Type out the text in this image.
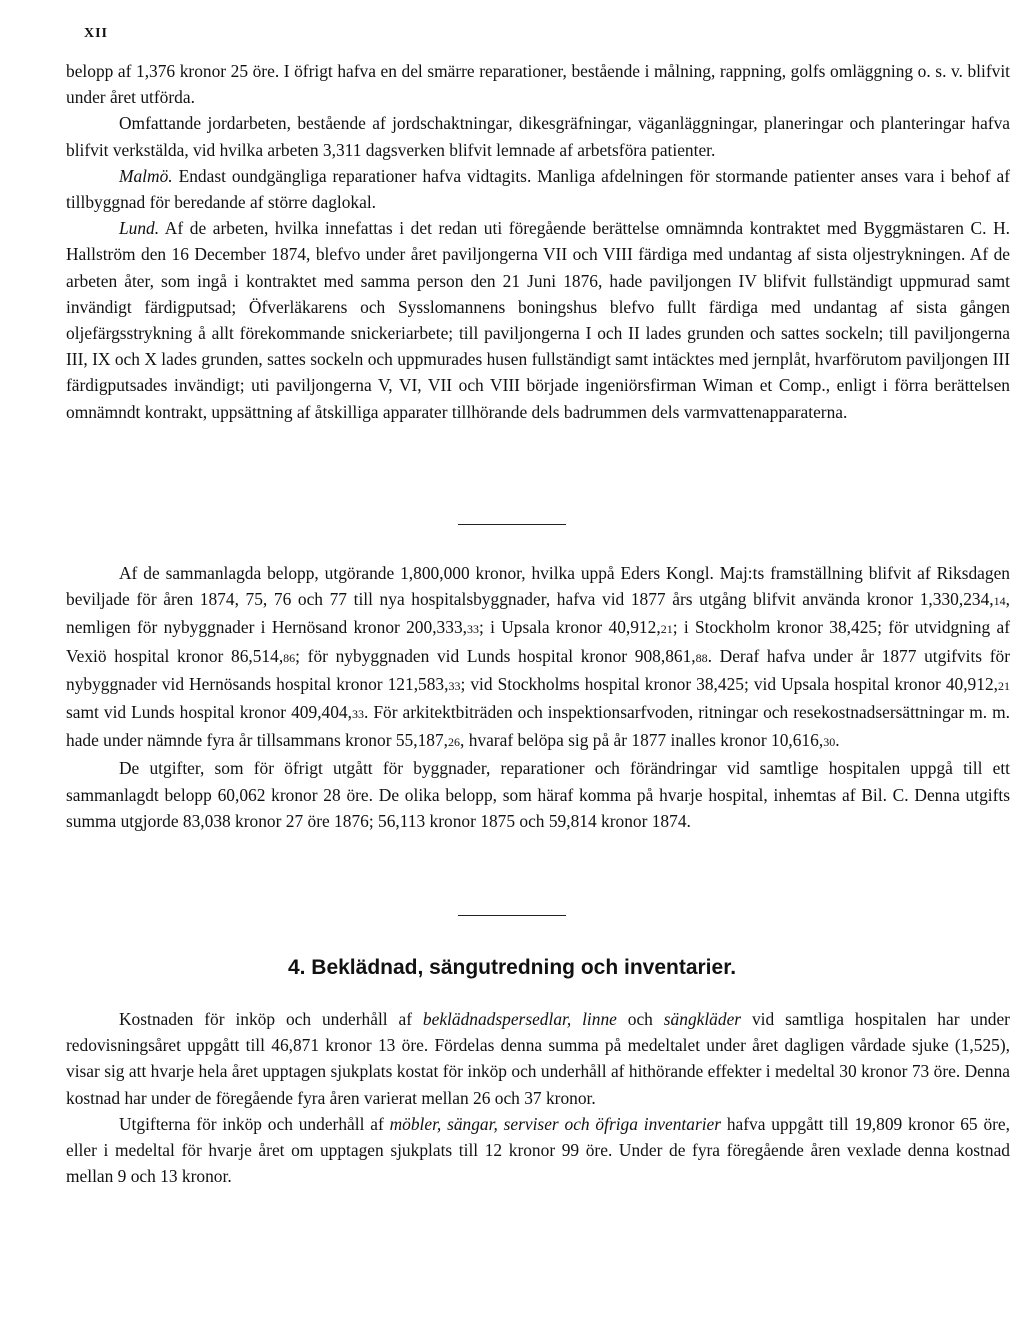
XII

belopp af 1,376 kronor 25 öre. I öfrigt hafva en del smärre reparationer, bestående i målning, rappning, golfs omläggning o. s. v. blifvit under året utförda.

Omfattande jordarbeten, bestående af jordschaktningar, dikesgräfningar, väganläggningar, planeringar och planteringar hafva blifvit verkstälda, vid hvilka arbeten 3,311 dagsverken blifvit lemnade af arbetsföra patienter.

Malmö. Endast oundgängliga reparationer hafva vidtagits. Manliga afdelningen för stormande patienter anses vara i behof af tillbyggnad för beredande af större daglokal.

Lund. Af de arbeten, hvilka innefattas i det redan uti föregående berättelse omnämnda kontraktet med Byggmästaren C. H. Hallström den 16 December 1874, blefvo under året paviljongerna VII och VIII färdiga med undantag af sista oljestrykningen. Af de arbeten åter, som ingå i kontraktet med samma person den 21 Juni 1876, hade paviljongen IV blifvit fullständigt uppmurad samt invändigt färdigputsad; Öfverläkarens och Sysslomannens boningshus blefvo fullt färdiga med undantag af sista gången oljefärgsstrykning å allt förekommande snickeriarbete; till paviljongerna I och II lades grunden och sattes sockeln; till paviljongerna III, IX och X lades grunden, sattes sockeln och uppmurades husen fullständigt samt intäcktes med jernplåt, hvarförutom paviljongen III färdigputsades invändigt; uti paviljongerna V, VI, VII och VIII började ingeniörsfirman Wiman et Comp., enligt i förra berättelsen omnämndt kontrakt, uppsättning af åtskilliga apparater tillhörande dels badrummen dels varmvattenapparaterna.

Af de sammanlagda belopp, utgörande 1,800,000 kronor, hvilka uppå Eders Kongl. Maj:ts framställning blifvit af Riksdagen beviljade för åren 1874, 75, 76 och 77 till nya hospitalsbyggnader, hafva vid 1877 års utgång blifvit använda kronor 1,330,234,14, nemligen för nybyggnader i Hernösand kronor 200,333,33; i Upsala kronor 40,912,21; i Stockholm kronor 38,425; för utvidgning af Vexiö hospital kronor 86,514,86; för nybyggnaden vid Lunds hospital kronor 908,861,88. Deraf hafva under år 1877 utgifvits för nybyggnader vid Hernösands hospital kronor 121,583,33; vid Stockholms hospital kronor 38,425; vid Upsala hospital kronor 40,912,21 samt vid Lunds hospital kronor 409,404,33. För arkitektbiträden och inspektionsarfvoden, ritningar och resekostnadsersättningar m. m. hade under nämnde fyra år tillsammans kronor 55,187,26, hvaraf belöpa sig på år 1877 inalles kronor 10,616,30.

De utgifter, som för öfrigt utgått för byggnader, reparationer och förändringar vid samtlige hospitalen uppgå till ett sammanlagdt belopp 60,062 kronor 28 öre. De olika belopp, som häraf komma på hvarje hospital, inhemtas af Bil. C. Denna utgifts summa utgjorde 83,038 kronor 27 öre 1876; 56,113 kronor 1875 och 59,814 kronor 1874.

4. Beklädnad, sängutredning och inventarier.

Kostnaden för inköp och underhåll af beklädnadspersedlar, linne och sängkläder vid samtliga hospitalen har under redovisningsåret uppgått till 46,871 kronor 13 öre. Fördelas denna summa på medeltalet under året dagligen vårdade sjuke (1,525), visar sig att hvarje hela året upptagen sjukplats kostat för inköp och underhåll af hithörande effekter i medeltal 30 kronor 73 öre. Denna kostnad har under de föregående fyra åren varierat mellan 26 och 37 kronor.

Utgifterna för inköp och underhåll af möbler, sängar, serviser och öfriga inventarier hafva uppgått till 19,809 kronor 65 öre, eller i medeltal för hvarje året om upptagen sjukplats till 12 kronor 99 öre. Under de fyra föregående åren vexlade denna kostnad mellan 9 och 13 kronor.
